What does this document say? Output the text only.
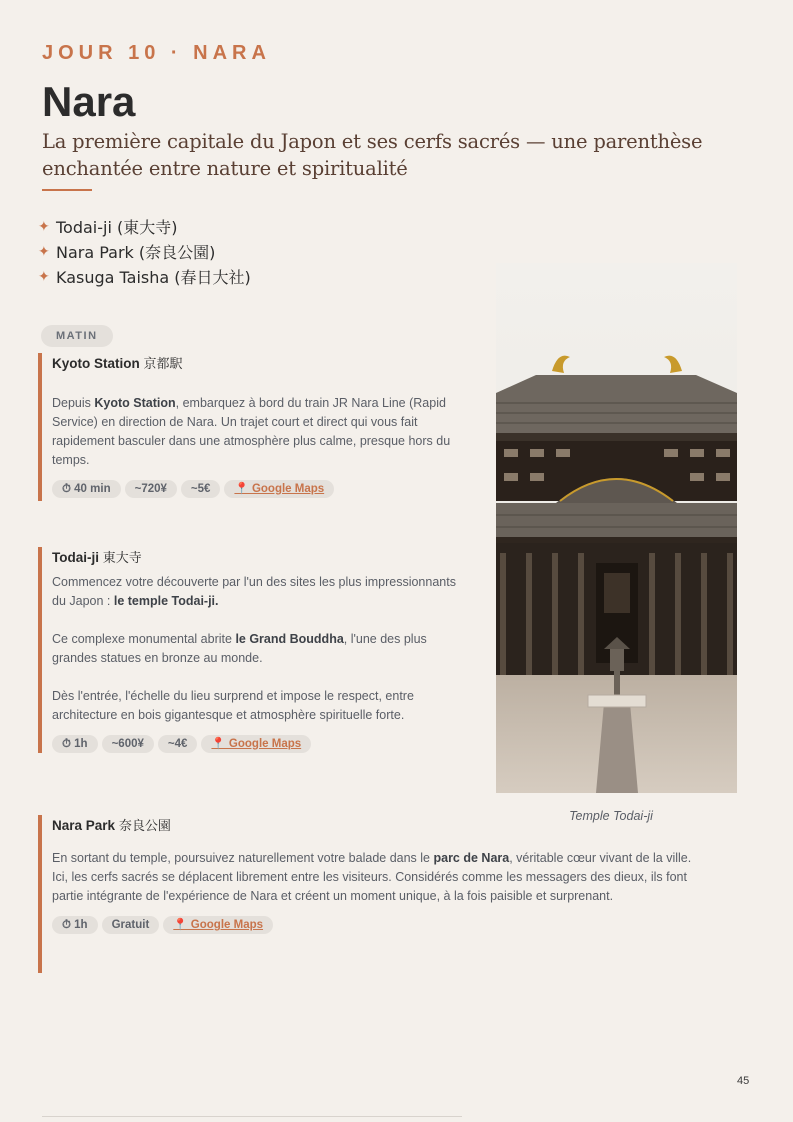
JOUR 10 · NARA
Nara
La première capitale du Japon et ses cerfs sacrés — une parenthèse enchantée entre nature et spiritualité
✦ Todai-ji (東大寺)
✦ Nara Park (奈良公園)
✦ Kasuga Taisha (春日大社)
MATIN
Kyoto Station 京都駅

Depuis Kyoto Station, embarquez à bord du train JR Nara Line (Rapid Service) en direction de Nara. Un trajet court et direct qui vous fait rapidement basculer dans une atmosphère plus calme, presque hors du temps.

⏱ 40 min	~720¥	~5€	📍 Google Maps
Todai-ji 東大寺

Commencez votre découverte par l'un des sites les plus impressionnants du Japon : le temple Todai-ji.

Ce complexe monumental abrite le Grand Bouddha, l'une des plus grandes statues en bronze au monde.

Dès l'entrée, l'échelle du lieu surprend et impose le respect, entre architecture en bois gigantesque et atmosphère spirituelle forte.

⏱ 1h	~600¥	~4€	📍 Google Maps
Nara Park 奈良公園

En sortant du temple, poursuivez naturellement votre balade dans le parc de Nara, véritable cœur vivant de la ville.
Ici, les cerfs sacrés se déplacent librement entre les visiteurs. Considérés comme les messagers des dieux, ils font partie intégrante de l'expérience de Nara et créent un moment unique, à la fois paisible et surprenant.

⏱ 1h	Gratuit	📍 Google Maps
Temple Todai-ji
45
